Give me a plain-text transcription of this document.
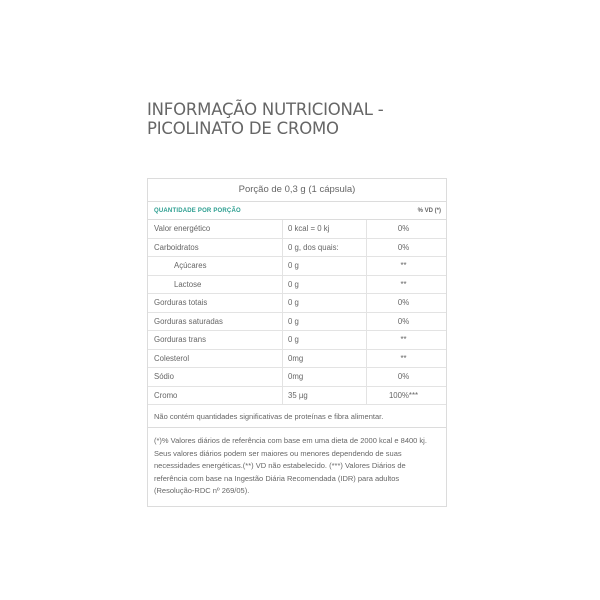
INFORMAÇÃO NUTRICIONAL - PICOLINATO DE CROMO
Porção de 0,3 g (1 cápsula)
QUANTIDADE POR PORÇÃO	% VD (*)
Valor energético	0 kcal = 0 kj	0%
Carboidratos	0 g, dos quais:	0%
Açúcares	0 g	**
Lactose	0 g	**
Gorduras totais	0 g	0%
Gorduras saturadas	0 g	0%
Gorduras trans	0 g	**
Colesterol	0mg	**
Sódio	0mg	0%
Cromo	35 µg	100%***
Não contém quantidades significativas de proteínas e fibra alimentar.
(*)% Valores diários de referência com base em uma dieta de 2000 kcal e 8400 kj. Seus valores diários podem ser maiores ou menores dependendo de suas necessidades energéticas.(**) VD não estabelecido. (***) Valores Diários de referência com base na Ingestão Diária Recomendada (IDR) para adultos (Resolução-RDC nº 269/05).
